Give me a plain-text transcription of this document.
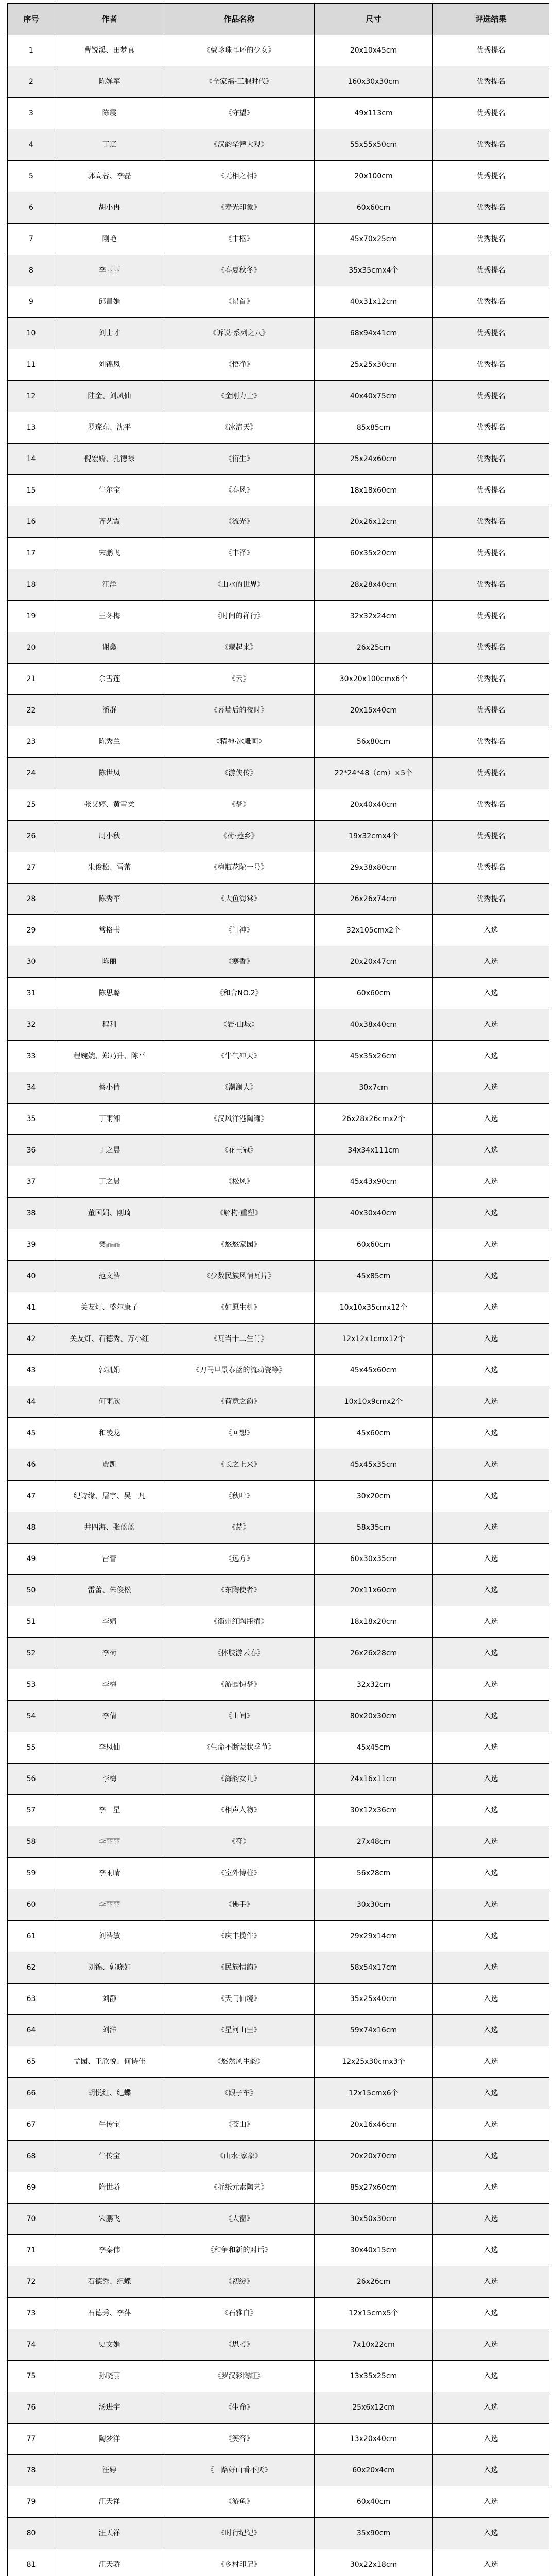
序号	作者	作品名称	尺寸	评选结果
1	曹锐溪、田梦真	《戴珍珠耳环的少女》	20x10x45cm	优秀提名
2	陈婵军	《全家福-三胞时代》	160x30x30cm	优秀提名
3	陈震	《守望》	49x113cm	优秀提名
4	丁辽	《汉韵华簪大观》	55x55x50cm	优秀提名
5	郭高蓉、李磊	《无相之相》	20x100cm	优秀提名
6	胡小冉	《寿光印象》	60x60cm	优秀提名
7	刚艳	《中枢》	45x70x25cm	优秀提名
8	李丽丽	《春夏秋冬》	35x35cmx4个	优秀提名
9	邱昌娟	《昂首》	40x31x12cm	优秀提名
10	刘士才	《诉说·系列之八》	68x94x41cm	优秀提名
11	刘锦凤	《悟净》	25x25x30cm	优秀提名
12	陆金、刘凤仙	《金刚力士》	40x40x75cm	优秀提名
13	罗璨东、沈平	《冰清天》	85x85cm	优秀提名
14	倪宏娇、孔德禄	《衍生》	25x24x60cm	优秀提名
15	牛尔宝	《春风》	18x18x60cm	优秀提名
16	齐艺霞	《流光》	20x26x12cm	优秀提名
17	宋鹏飞	《丰泽》	60x35x20cm	优秀提名
18	汪洋	《山水的世界》	28x28x40cm	优秀提名
19	王冬梅	《时间的禅行》	32x32x24cm	优秀提名
20	谢鑫	《藏起来》	26x25cm	优秀提名
21	余雪莲	《云》	30x20x100cmx6个	优秀提名
22	潘群	《幕墙后的夜时》	20x15x40cm	优秀提名
23	陈秀兰	《精神·冰雕画》	56x80cm	优秀提名
24	陈世凤	《游侠传》	22*24*48（cm）×5个	优秀提名
25	张艾婷、黄雪柔	《梦》	20x40x40cm	优秀提名
26	周小秋	《荷·莲乡》	19x32cmx4个	优秀提名
27	朱俊松、雷蕾	《梅瓶花陀一号》	29x38x80cm	优秀提名
28	陈秀军	《大鱼海棠》	26x26x74cm	优秀提名
29	常格书	《门神》	32x105cmx2个	入选
30	陈丽	《寒香》	20x20x47cm	入选
31	陈思璐	《和合NO.2》	60x60cm	入选
32	程利	《岩·山城》	40x38x40cm	入选
33	程婉婉、郑乃升、陈平	《牛气冲天》	45x35x26cm	入选
34	蔡小倩	《潮澜人》	30x7cm	入选
35	丁雨湘	《汉风洋港陶罐》	26x28x26cmx2个	入选
36	丁之晨	《花王冠》	34x34x111cm	入选
37	丁之晨	《松风》	45x43x90cm	入选
38	董国娟、刚琦	《解构·重塑》	40x30x40cm	入选
39	樊晶晶	《悠悠家园》	60x60cm	入选
40	范文浩	《少数民族风情瓦片》	45x85cm	入选
41	关友灯、盛尔康子	《如愿生机》	10x10x35cmx12个	入选
42	关友灯、石德秀、万小红	《瓦当十二生肖》	12x12x1cmx12个	入选
43	郭凯娟	《刀马旦景泰蓝的流动瓷等》	45x45x60cm	入选
44	何雨欣	《荷意之韵》	10x10x9cmx2个	入选
45	和凌龙	《回想》	45x60cm	入选
46	贾凯	《长之上来》	45x45x35cm	入选
47	纪诗缘、屠宇、吴一凡	《秋叶》	30x20cm	入选
48	井四海、张蓝蓝	《赫》	58x35cm	入选
49	雷蕾	《远方》	60x30x35cm	入选
50	雷蕾、朱俊松	《东陶使者》	20x11x60cm	入选
51	李婧	《衡州红陶瓶擢》	18x18x20cm	入选
52	李荷	《体肢游云春》	26x26x28cm	入选
53	李梅	《游园惊梦》	32x32cm	入选
54	李倩	《山间》	80x20x30cm	入选
55	李凤仙	《生命不断蒙状季节》	45x45cm	入选
56	李梅	《海韵女儿》	24x16x11cm	入选
57	李一星	《相声人物》	30x12x36cm	入选
58	李丽丽	《符》	27x48cm	入选
59	李雨晴	《室外博柱》	56x28cm	入选
60	李丽丽	《佛手》	30x30cm	入选
61	刘浩敏	《庆丰揽件》	29x29x14cm	入选
62	刘锦、郭晓如	《民族情韵》	58x54x17cm	入选
63	刘静	《天门仙境》	35x25x40cm	入选
64	刘洋	《星河山里》	59x74x16cm	入选
65	孟园、王欣悦、何诗佳	《悠然风生韵》	12x25x30cmx3个	入选
66	胡悦红、纪蝶	《跟子车》	12x15cmx6个	入选
67	牛传宝	《苍山》	20x16x46cm	入选
68	牛传宝	《山水·家象》	20x20x70cm	入选
69	隋世骄	《折纸元素陶艺》	85x27x60cm	入选
70	宋鹏飞	《大窗》	30x50x30cm	入选
71	李秦伟	《和争和新的对话》	30x40x15cm	入选
72	石德秀、纪蝶	《初绽》	26x26cm	入选
73	石德秀、李萍	《石雅白》	12x15cmx5个	入选
74	史文娟	《思考》	7x10x22cm	入选
75	孙晓丽	《罗汉彩陶缸》	13x35x25cm	入选
76	汤进宇	《生命》	25x6x12cm	入选
77	陶梦洋	《笑容》	13x20x40cm	入选
78	汪婷	《一路好山看不厌》	60x20x4cm	入选
79	汪天祥	《游鱼》	60x40cm	入选
80	汪天祥	《时行纪记》	35x90cm	入选
81	汪天骄	《乡村印记》	30x22x18cm	入选
